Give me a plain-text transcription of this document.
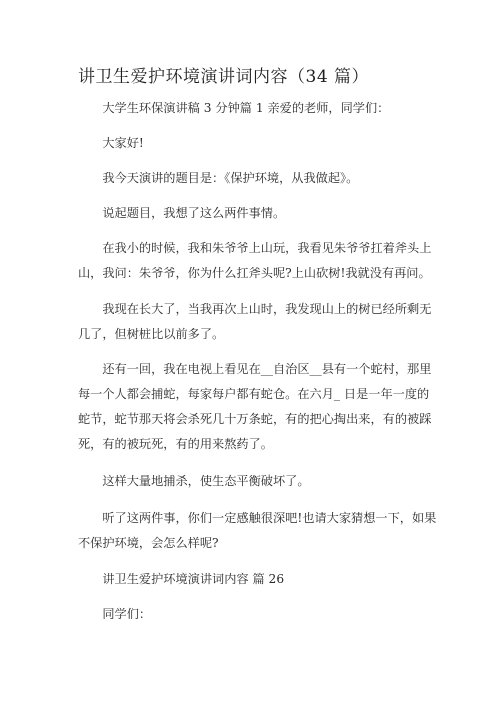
讲卫生爱护环境演讲词内容（34 篇）
　　大学生环保演讲稿 3 分钟篇 1 亲爱的老师，同学们：
　　大家好!
　　我今天演讲的题目是：《保护环境，从我做起》。
　　说起题目，我想了这么两件事情。
　　在我小的时候，我和朱爷爷上山玩，我看见朱爷爷扛着斧头上
山，我问：朱爷爷，你为什么扛斧头呢?上山砍树!我就没有再问。
　　我现在长大了，当我再次上山时，我发现山上的树已经所剩无
几了，但树桩比以前多了。
　　还有一回，我在电视上看见在__自治区__县有一个蛇村，那里
每一个人都会捕蛇，每家每户都有蛇仓。在六月_ 日是一年一度的
蛇节，蛇节那天将会杀死几十万条蛇，有的把心掏出来，有的被踩
死，有的被玩死，有的用来熬药了。
　　这样大量地捕杀，使生态平衡破坏了。
　　听了这两件事，你们一定感触很深吧!也请大家猜想一下，如果
不保护环境，会怎么样呢?
　　讲卫生爱护环境演讲词内容 篇 26
　　同学们：
